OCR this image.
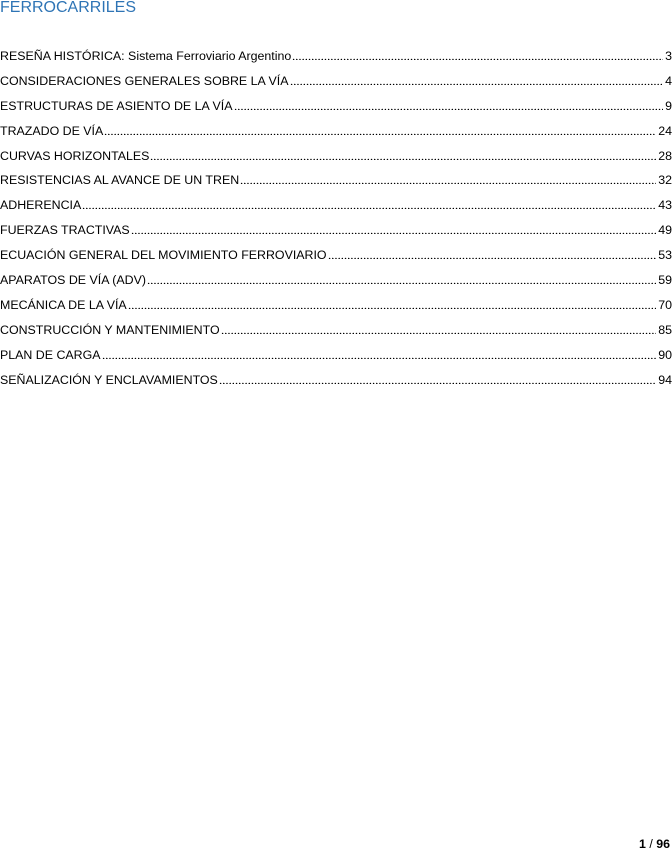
FERROCARRILES
RESEÑA HISTÓRICA: Sistema Ferroviario Argentino	3
CONSIDERACIONES GENERALES SOBRE LA VÍA	4
ESTRUCTURAS DE ASIENTO DE LA VÍA	9
TRAZADO DE VÍA	24
CURVAS HORIZONTALES	28
RESISTENCIAS AL AVANCE DE UN TREN	32
ADHERENCIA	43
FUERZAS TRACTIVAS	49
ECUACIÓN GENERAL DEL MOVIMIENTO FERROVIARIO	53
APARATOS DE VÍA (ADV)	59
MECÁNICA DE LA VÍA	70
CONSTRUCCIÓN Y MANTENIMIENTO	85
PLAN DE CARGA	90
SEÑALIZACIÓN Y ENCLAVAMIENTOS	94
1 / 96
